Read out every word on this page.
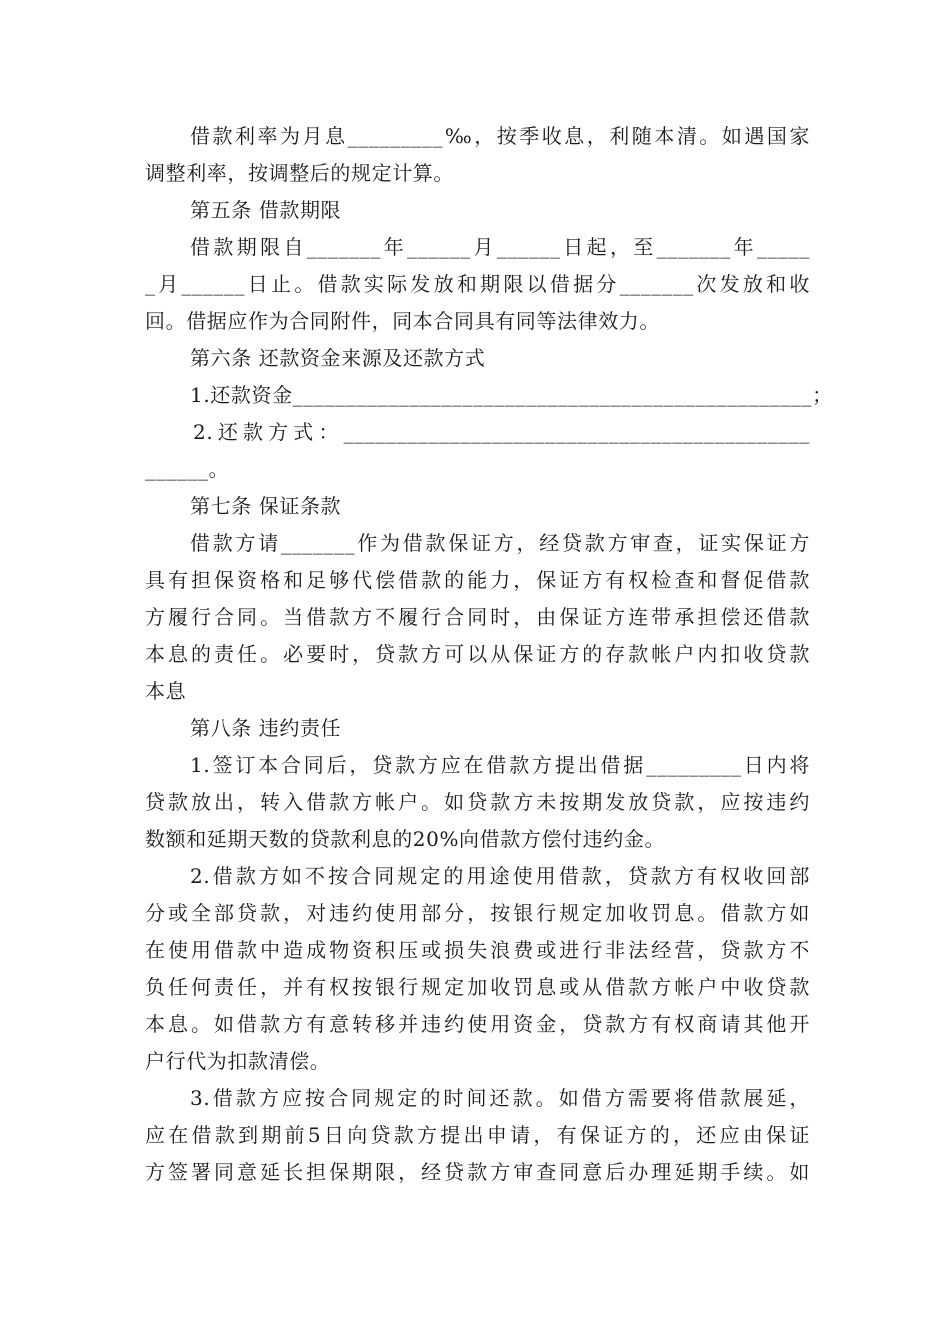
借款利率为月息_________‰，按季收息，利随本清。如遇国家
调整利率，按调整后的规定计算。
第五条 借款期限
借款期限自_______年______月______日起，至_______年_____
_月______日止。借款实际发放和期限以借据分_______次发放和收
回。借据应作为合同附件，同本合同具有同等法律效力。
第六条 还款资金来源及还款方式
1.还款资金_________________________________________________；
2.还款方式：____________________________________________
______。
第七条 保证条款
借款方请_______作为借款保证方，经贷款方审查，证实保证方
具有担保资格和足够代偿借款的能力，保证方有权检查和督促借款
方履行合同。当借款方不履行合同时，由保证方连带承担偿还借款
本息的责任。必要时，贷款方可以从保证方的存款帐户内扣收贷款
本息
第八条 违约责任
1.签订本合同后，贷款方应在借款方提出借据_________日内将
贷款放出，转入借款方帐户。如贷款方未按期发放贷款，应按违约
数额和延期天数的贷款利息的20%向借款方偿付违约金。
2.借款方如不按合同规定的用途使用借款，贷款方有权收回部
分或全部贷款，对违约使用部分，按银行规定加收罚息。借款方如
在使用借款中造成物资积压或损失浪费或进行非法经营，贷款方不
负任何责任，并有权按银行规定加收罚息或从借款方帐户中收贷款
本息。如借款方有意转移并违约使用资金，贷款方有权商请其他开
户行代为扣款清偿。
3.借款方应按合同规定的时间还款。如借方需要将借款展延，
应在借款到期前5日向贷款方提出申请，有保证方的，还应由保证
方签署同意延长担保期限，经贷款方审查同意后办理延期手续。如
